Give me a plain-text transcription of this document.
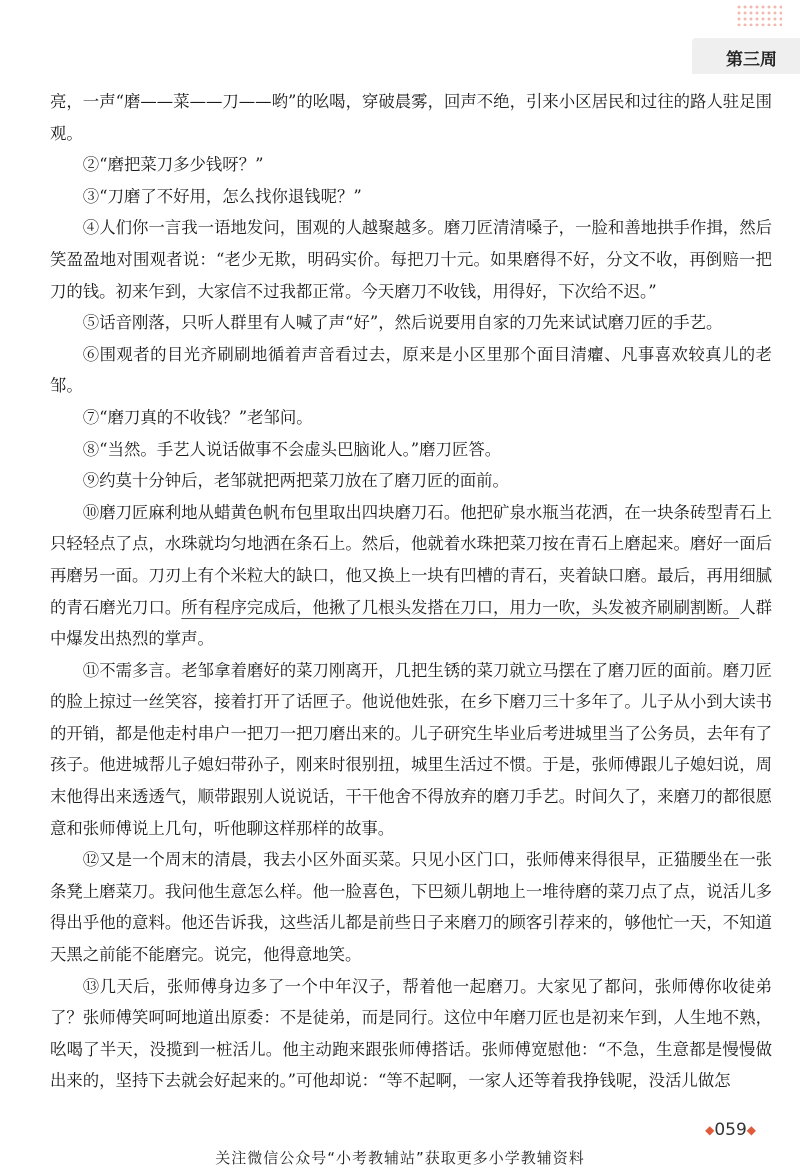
第三周

亮，一声“磨——菜——刀——哟”的吆喝，穿破晨雾，回声不绝，引来小区居民和过往的路人驻足围观。

②“磨把菜刀多少钱呀？”

③“刀磨了不好用，怎么找你退钱呢？”

④人们你一言我一语地发问，围观的人越聚越多。磨刀匠清清嗓子，一脸和善地拱手作揖，然后笑盈盈地对围观者说：“老少无欺，明码实价。每把刀十元。如果磨得不好，分文不收，再倒赔一把刀的钱。初来乍到，大家信不过我都正常。今天磨刀不收钱，用得好，下次给不迟。”

⑤话音刚落，只听人群里有人喊了声“好”，然后说要用自家的刀先来试试磨刀匠的手艺。

⑥围观者的目光齐刷刷地循着声音看过去，原来是小区里那个面目清癯、凡事喜欢较真儿的老邹。

⑦“磨刀真的不收钱？”老邹问。

⑧“当然。手艺人说话做事不会虚头巴脑讹人。”磨刀匠答。

⑨约莫十分钟后，老邹就把两把菜刀放在了磨刀匠的面前。

⑩磨刀匠麻利地从蜡黄色帆布包里取出四块磨刀石。他把矿泉水瓶当花洒，在一块条砖型青石上只轻轻点了点，水珠就均匀地洒在条石上。然后，他就着水珠把菜刀按在青石上磨起来。磨好一面后再磨另一面。刀刃上有个米粒大的缺口，他又换上一块有凹槽的青石，夹着缺口磨。最后，再用细腻的青石磨光刀口。所有程序完成后，他揪了几根头发搭在刀口，用力一吹，头发被齐刷刷割断。人群中爆发出热烈的掌声。

⑪不需多言。老邹拿着磨好的菜刀刚离开，几把生锈的菜刀就立马摆在了磨刀匠的面前。磨刀匠的脸上掠过一丝笑容，接着打开了话匣子。他说他姓张，在乡下磨刀三十多年了。儿子从小到大读书的开销，都是他走村串户一把刀一把刀磨出来的。儿子研究生毕业后考进城里当了公务员，去年有了孩子。他进城帮儿子媳妇带孙子，刚来时很别扭，城里生活过不惯。于是，张师傅跟儿子媳妇说，周末他得出来透透气，顺带跟别人说说话，干干他舍不得放弃的磨刀手艺。时间久了，来磨刀的都很愿意和张师傅说上几句，听他聊这样那样的故事。

⑫又是一个周末的清晨，我去小区外面买菜。只见小区门口，张师傅来得很早，正猫腰坐在一张条凳上磨菜刀。我问他生意怎么样。他一脸喜色，下巴颏儿朝地上一堆待磨的菜刀点了点，说活儿多得出乎他的意料。他还告诉我，这些活儿都是前些日子来磨刀的顾客引荐来的，够他忙一天，不知道天黑之前能不能磨完。说完，他得意地笑。

⑬几天后，张师傅身边多了一个中年汉子，帮着他一起磨刀。大家见了都问，张师傅你收徒弟了？张师傅笑呵呵地道出原委：不是徒弟，而是同行。这位中年磨刀匠也是初来乍到，人生地不熟，吆喝了半天，没揽到一桩活儿。他主动跑来跟张师傅搭话。张师傅宽慰他：“不急，生意都是慢慢做出来的，坚持下去就会好起来的。”可他却说：“等不起啊，一家人还等着我挣钱呢，没活儿做怎

◆059◆
关注微信公众号“小考教辅站”获取更多小学教辅资料
